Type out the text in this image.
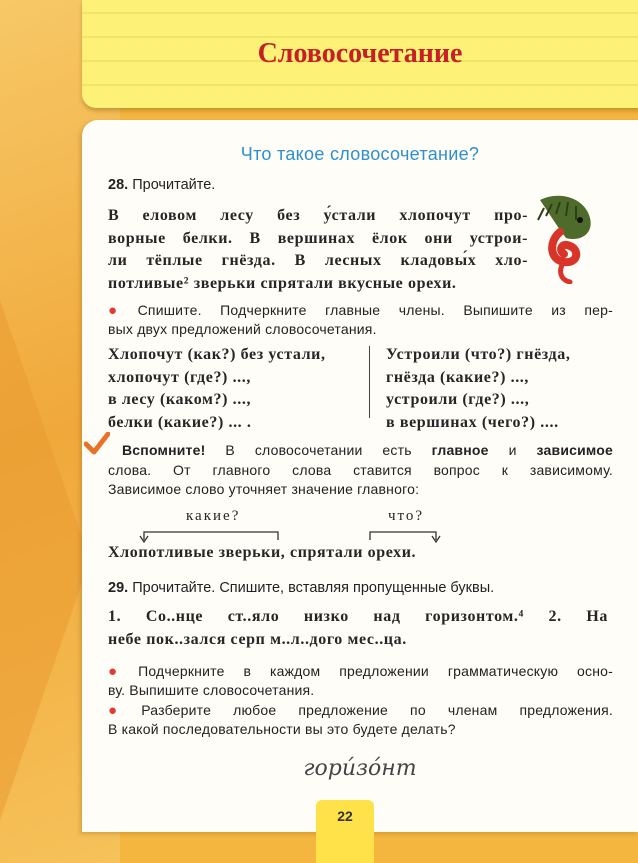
Словосочетание
Что такое словосочетание?
28. Прочитайте.
В еловом лесу без у́стали хлопочут про-
ворные белки. В вершинах ёлок они устрои-
ли тёплые гнёзда. В лесных кладовы́х хло-
потливые² зверьки спрятали вкусные орехи.
● Спишите. Подчеркните главные члены. Выпишите из пер-
вых двух предложений словосочетания.
Хлопочут (как?) без устали,
хлопочут (где?) ...,
в лесу (каком?) ...,
белки (какие?) ... .
Устроили (что?) гнёзда,
гнёзда (какие?) ...,
устроили (где?) ...,
в вершинах (чего?) ....
Вспомните! В словосочетании есть главное и зависимое
слова. От главного слова ставится вопрос к зависимому.
Зависимое слово уточняет значение главного:
какие?	что?
Хлопотливые зверьки, спрятали орехи.
29. Прочитайте. Спишите, вставляя пропущенные буквы.
1. Со..нце ст..яло низко над горизонтом.⁴ 2. На
небе пок..зался серп м..л..дого мес..ца.
● Подчеркните в каждом предложении грамматическую осно-
ву. Выпишите словосочетания.
● Разберите любое предложение по членам предложения.
В какой последовательности вы это будете делать?
гори́зо́нт
22
